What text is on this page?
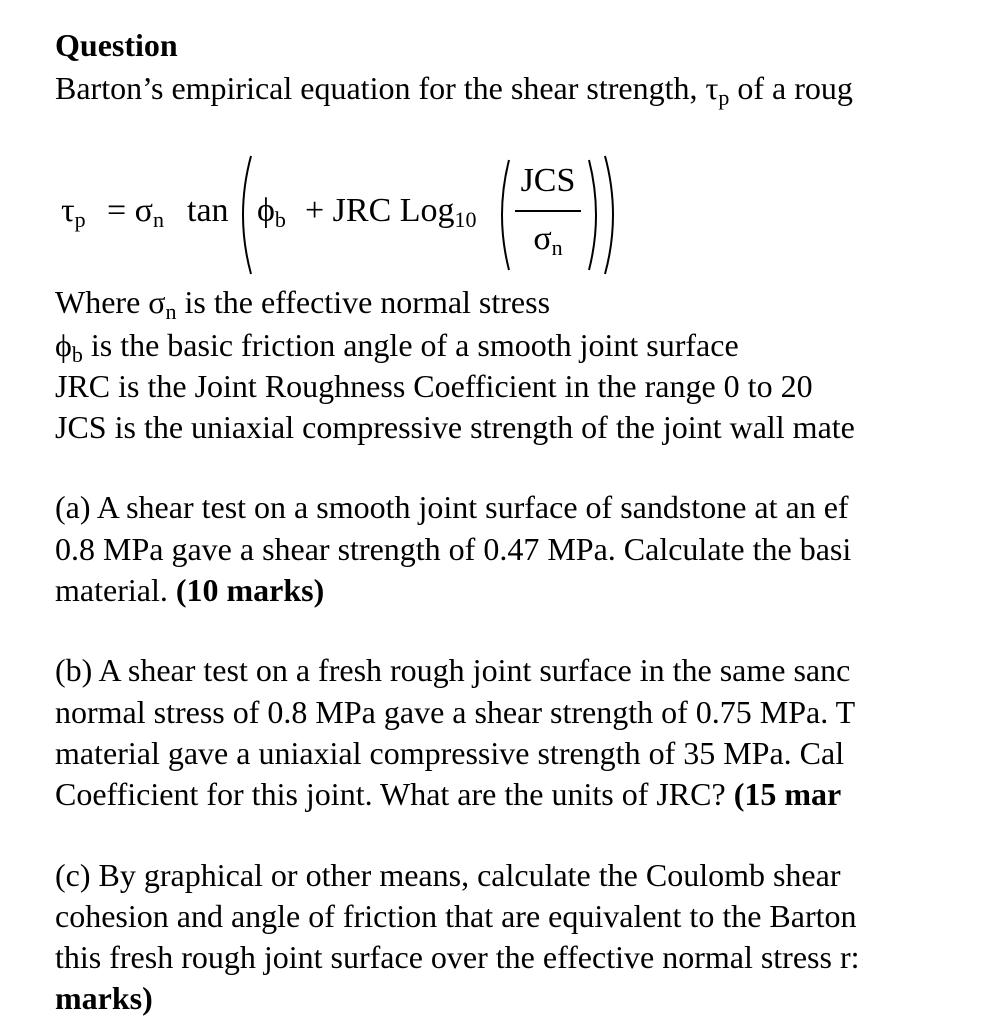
Question
Barton’s empirical equation for the shear strength, τp of a roug
τp = σn tan ϕb + JRC Log10
JCS
σn
Where σn is the effective normal stress
ϕb is the basic friction angle of a smooth joint surface
JRC is the Joint Roughness Coefficient in the range 0 to 20
JCS is the uniaxial compressive strength of the joint wall mate
(a) A shear test on a smooth joint surface of sandstone at an ef
0.8 MPa gave a shear strength of 0.47 MPa. Calculate the basi
material. (10 marks)
(b) A shear test on a fresh rough joint surface in the same sanc
normal stress of 0.8 MPa gave a shear strength of 0.75 MPa. T
material gave a uniaxial compressive strength of 35 MPa. Cal
Coefficient for this joint. What are the units of JRC? (15 mar
(c) By graphical or other means, calculate the Coulomb shear
cohesion and angle of friction that are equivalent to the Barton
this fresh rough joint surface over the effective normal stress r:
marks)
